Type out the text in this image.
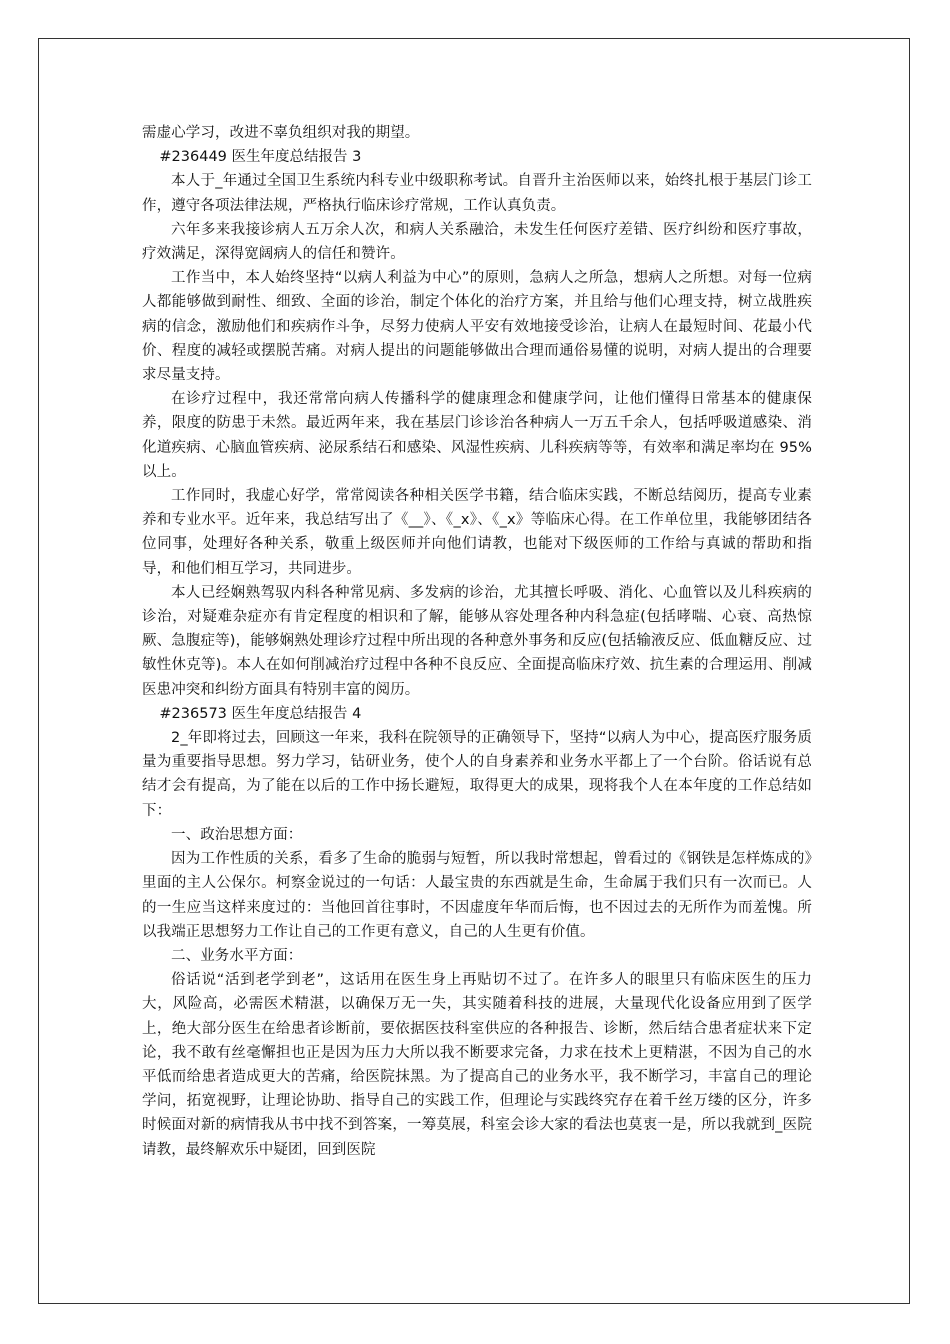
需虚心学习，改进不辜负组织对我的期望。

#236449 医生年度总结报告 3

本人于_年通过全国卫生系统内科专业中级职称考试。自晋升主治医师以来，始终扎根于基层门诊工作，遵守各项法律法规，严格执行临床诊疗常规，工作认真负责。

六年多来我接诊病人五万余人次，和病人关系融洽，未发生任何医疗差错、医疗纠纷和医疗事故，疗效满足，深得宽阔病人的信任和赞许。

工作当中，本人始终坚持“以病人利益为中心”的原则，急病人之所急，想病人之所想。对每一位病人都能够做到耐性、细致、全面的诊治，制定个体化的治疗方案，并且给与他们心理支持，树立战胜疾病的信念，激励他们和疾病作斗争，尽努力使病人平安有效地接受诊治，让病人在最短时间、花最小代价、程度的减轻或摆脱苦痛。对病人提出的问题能够做出合理而通俗易懂的说明，对病人提出的合理要求尽量支持。

在诊疗过程中，我还常常向病人传播科学的健康理念和健康学问，让他们懂得日常基本的健康保养，限度的防患于未然。最近两年来，我在基层门诊诊治各种病人一万五千余人，包括呼吸道感染、消化道疾病、心脑血管疾病、泌尿系结石和感染、风湿性疾病、儿科疾病等等，有效率和满足率均在 95%以上。

工作同时，我虚心好学，常常阅读各种相关医学书籍，结合临床实践，不断总结阅历，提高专业素养和专业水平。近年来，我总结写出了《__》、《_x》、《_x》等临床心得。在工作单位里，我能够团结各位同事，处理好各种关系，敬重上级医师并向他们请教，也能对下级医师的工作给与真诚的帮助和指导，和他们相互学习，共同进步。

本人已经娴熟驾驭内科各种常见病、多发病的诊治，尤其擅长呼吸、消化、心血管以及儿科疾病的诊治，对疑难杂症亦有肯定程度的相识和了解，能够从容处理各种内科急症(包括哮喘、心衰、高热惊厥、急腹症等)，能够娴熟处理诊疗过程中所出现的各种意外事务和反应(包括输液反应、低血糖反应、过敏性休克等)。本人在如何削减治疗过程中各种不良反应、全面提高临床疗效、抗生素的合理运用、削减医患冲突和纠纷方面具有特别丰富的阅历。

#236573 医生年度总结报告 4

2_年即将过去，回顾这一年来，我科在院领导的正确领导下，坚持“以病人为中心，提高医疗服务质量为重要指导思想。努力学习，钻研业务，使个人的自身素养和业务水平都上了一个台阶。俗话说有总结才会有提高，为了能在以后的工作中扬长避短，取得更大的成果，现将我个人在本年度的工作总结如下：

一、政治思想方面：

因为工作性质的关系，看多了生命的脆弱与短暂，所以我时常想起，曾看过的《钢铁是怎样炼成的》里面的主人公保尔。柯察金说过的一句话：人最宝贵的东西就是生命，生命属于我们只有一次而已。人的一生应当这样来度过的：当他回首往事时，不因虚度年华而后悔，也不因过去的无所作为而羞愧。所以我端正思想努力工作让自己的工作更有意义，自己的人生更有价值。

二、业务水平方面：

俗话说“活到老学到老”，这话用在医生身上再贴切不过了。在许多人的眼里只有临床医生的压力大，风险高，必需医术精湛，以确保万无一失，其实随着科技的进展，大量现代化设备应用到了医学上，绝大部分医生在给患者诊断前，要依据医技科室供应的各种报告、诊断，然后结合患者症状来下定论，我不敢有丝毫懈担也正是因为压力大所以我不断要求完备，力求在技术上更精湛，不因为自己的水平低而给患者造成更大的苦痛，给医院抹黑。为了提高自己的业务水平，我不断学习，丰富自己的理论学问，拓宽视野，让理论协助、指导自己的实践工作，但理论与实践终究存在着千丝万缕的区分，许多时候面对新的病情我从书中找不到答案，一筹莫展，科室会诊大家的看法也莫衷一是，所以我就到_医院请教，最终解欢乐中疑团，回到医院
